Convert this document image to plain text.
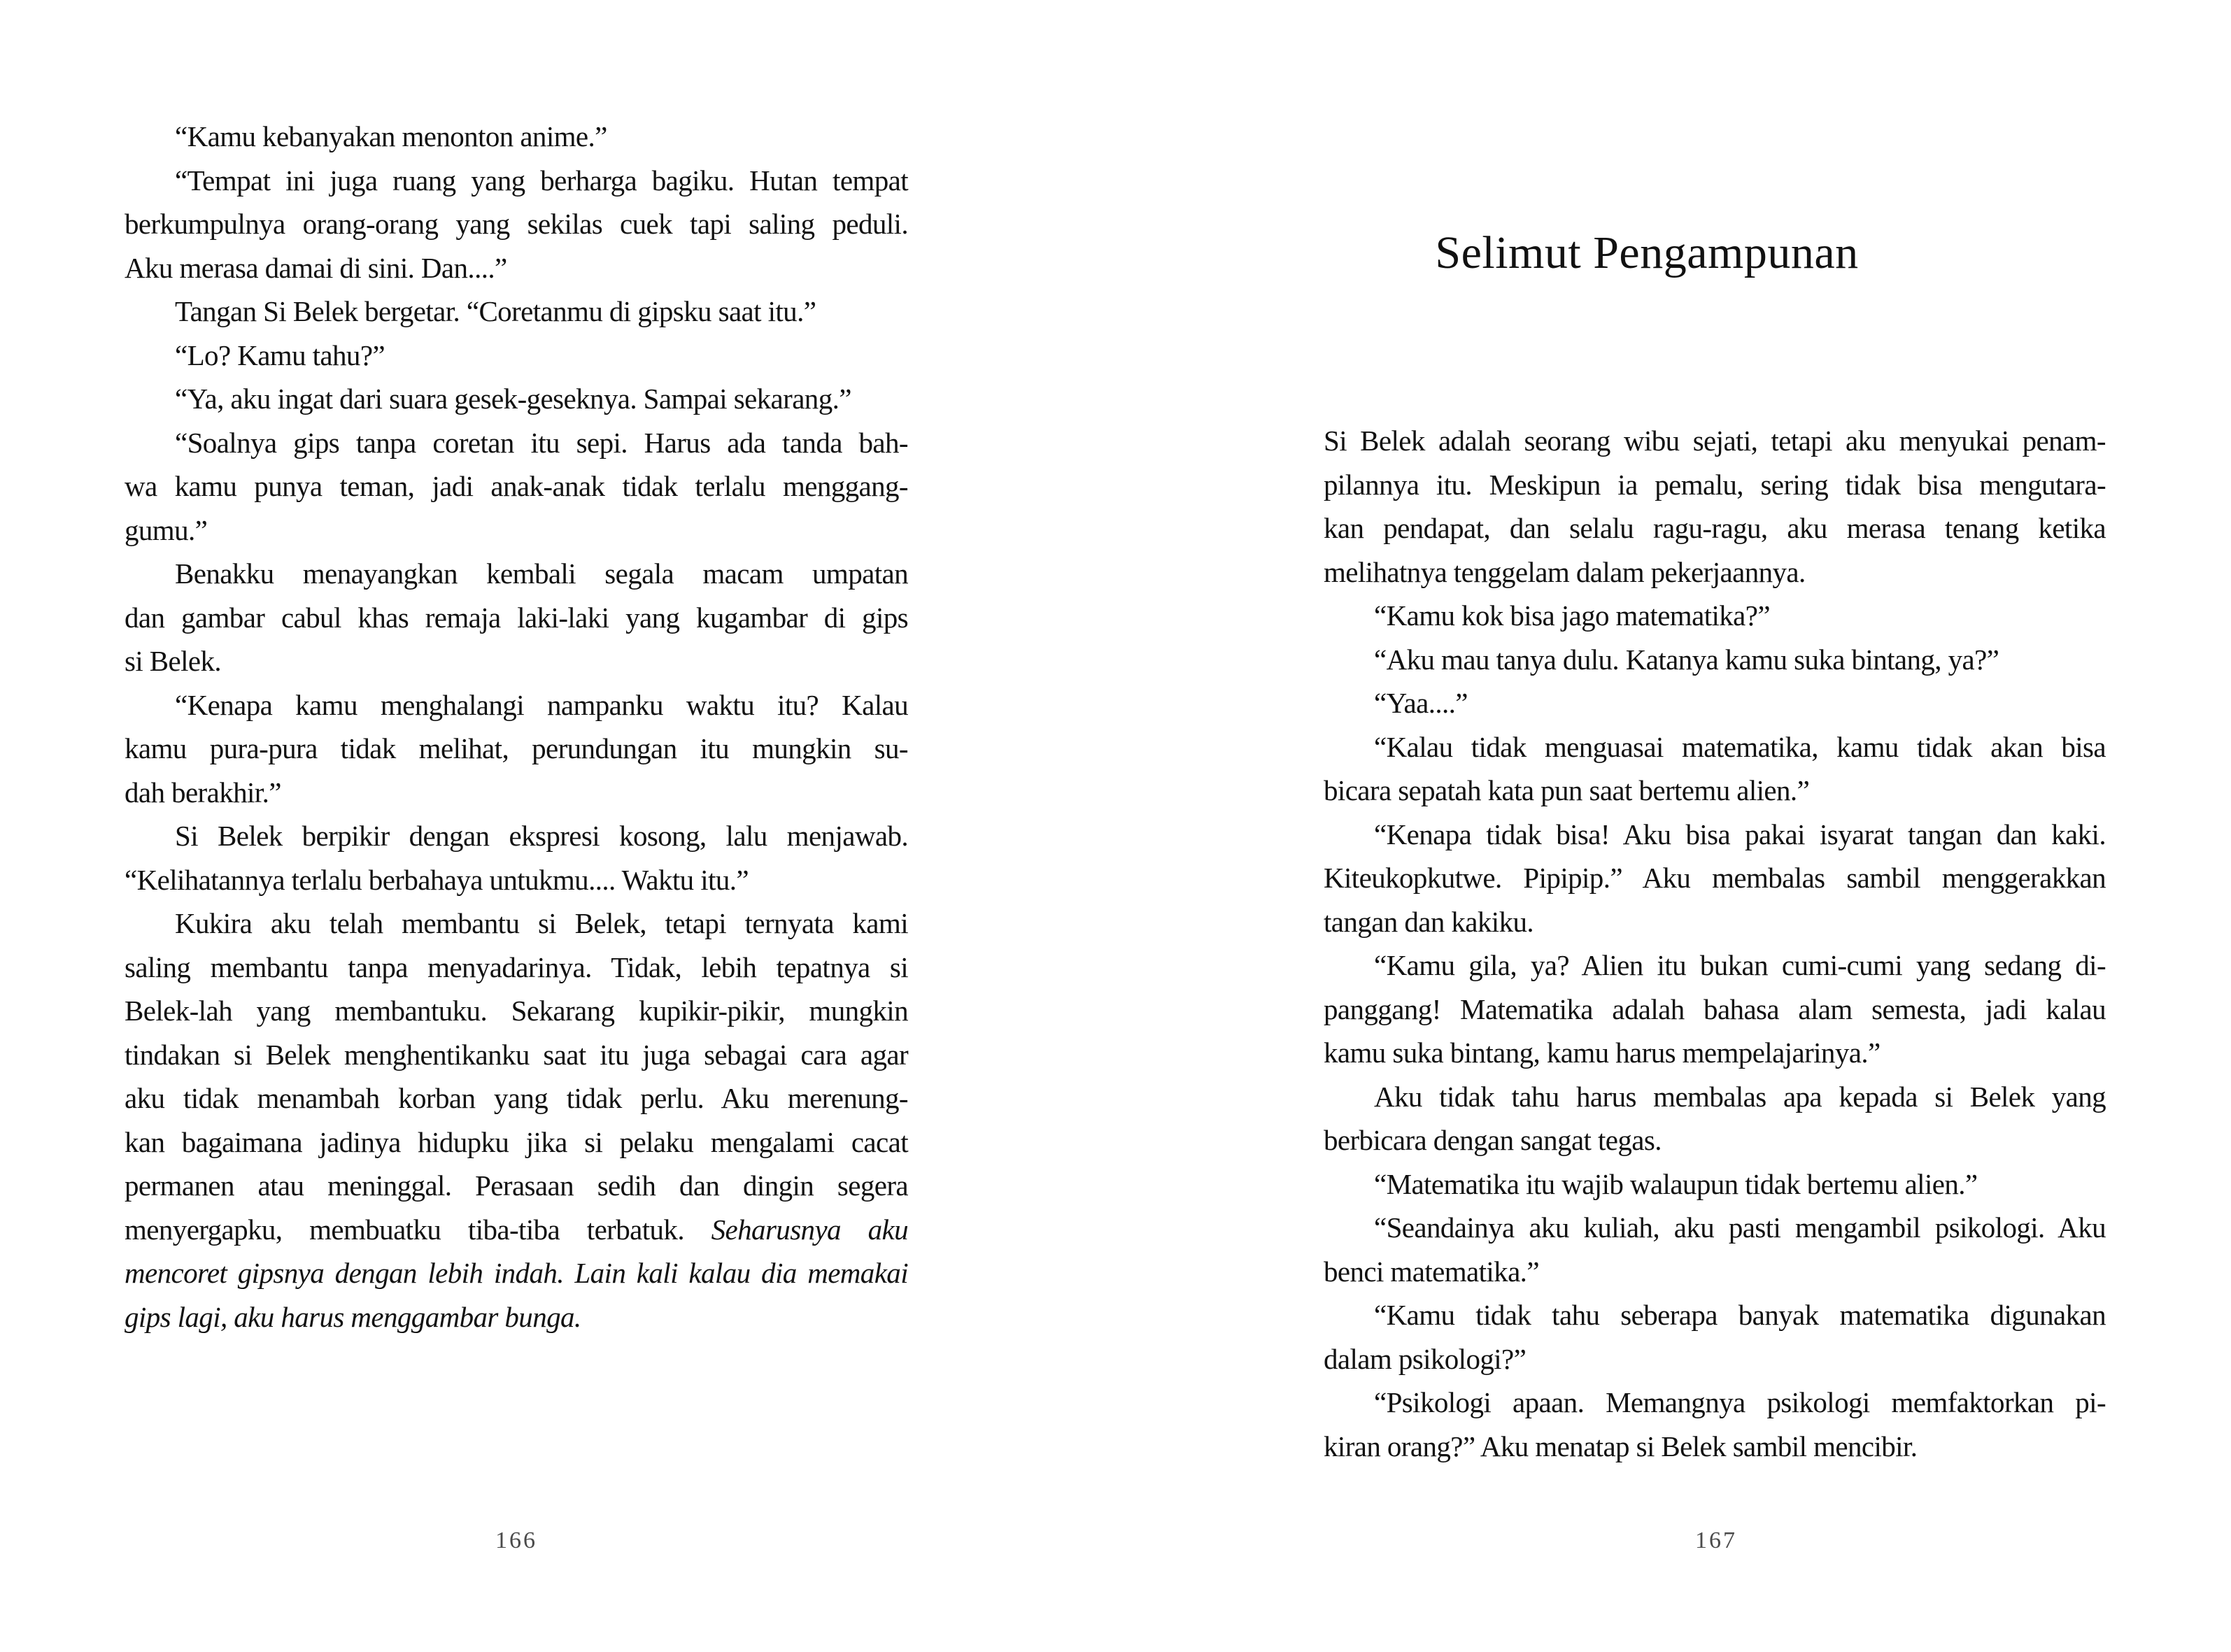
“Kamu kebanyakan menonton anime.”
“Tempat ini juga ruang yang berharga bagiku. Hutan tempat
berkumpulnya orang-orang yang sekilas cuek tapi saling peduli.
Aku merasa damai di sini. Dan....”
Tangan Si Belek bergetar. “Coretanmu di gipsku saat itu.”
“Lo? Kamu tahu?”
“Ya, aku ingat dari suara gesek-geseknya. Sampai sekarang.”
“Soalnya gips tanpa coretan itu sepi. Harus ada tanda bah-
wa kamu punya teman, jadi anak-anak tidak terlalu menggang-
gumu.”
Benakku menayangkan kembali segala macam umpatan
dan gambar cabul khas remaja laki-laki yang kugambar di gips
si Belek.
“Kenapa kamu menghalangi nampanku waktu itu? Kalau
kamu pura-pura tidak melihat, perundungan itu mungkin su-
dah berakhir.”
Si Belek berpikir dengan ekspresi kosong, lalu menjawab.
“Kelihatannya terlalu berbahaya untukmu.... Waktu itu.”
Kukira aku telah membantu si Belek, tetapi ternyata kami
saling membantu tanpa menyadarinya. Tidak, lebih tepatnya si
Belek-lah yang membantuku. Sekarang kupikir-pikir, mungkin
tindakan si Belek menghentikanku saat itu juga sebagai cara agar
aku tidak menambah korban yang tidak perlu. Aku merenung-
kan bagaimana jadinya hidupku jika si pelaku mengalami cacat
permanen atau meninggal. Perasaan sedih dan dingin segera
menyergapku, membuatku tiba-tiba terbatuk. Seharusnya aku
mencoret gipsnya dengan lebih indah. Lain kali kalau dia memakai
gips lagi, aku harus menggambar bunga.
166
Selimut Pengampunan
Si Belek adalah seorang wibu sejati, tetapi aku menyukai penam-
pilannya itu. Meskipun ia pemalu, sering tidak bisa mengutara-
kan pendapat, dan selalu ragu-ragu, aku merasa tenang ketika
melihatnya tenggelam dalam pekerjaannya.
“Kamu kok bisa jago matematika?”
“Aku mau tanya dulu. Katanya kamu suka bintang, ya?”
“Yaa....”
“Kalau tidak menguasai matematika, kamu tidak akan bisa
bicara sepatah kata pun saat bertemu alien.”
“Kenapa tidak bisa! Aku bisa pakai isyarat tangan dan kaki.
Kiteukopkutwe. Pipipip.” Aku membalas sambil menggerakkan
tangan dan kakiku.
“Kamu gila, ya? Alien itu bukan cumi-cumi yang sedang di-
panggang! Matematika adalah bahasa alam semesta, jadi kalau
kamu suka bintang, kamu harus mempelajarinya.”
Aku tidak tahu harus membalas apa kepada si Belek yang
berbicara dengan sangat tegas.
“Matematika itu wajib walaupun tidak bertemu alien.”
“Seandainya aku kuliah, aku pasti mengambil psikologi. Aku
benci matematika.”
“Kamu tidak tahu seberapa banyak matematika digunakan
dalam psikologi?”
“Psikologi apaan. Memangnya psikologi memfaktorkan pi-
kiran orang?” Aku menatap si Belek sambil mencibir.
167
